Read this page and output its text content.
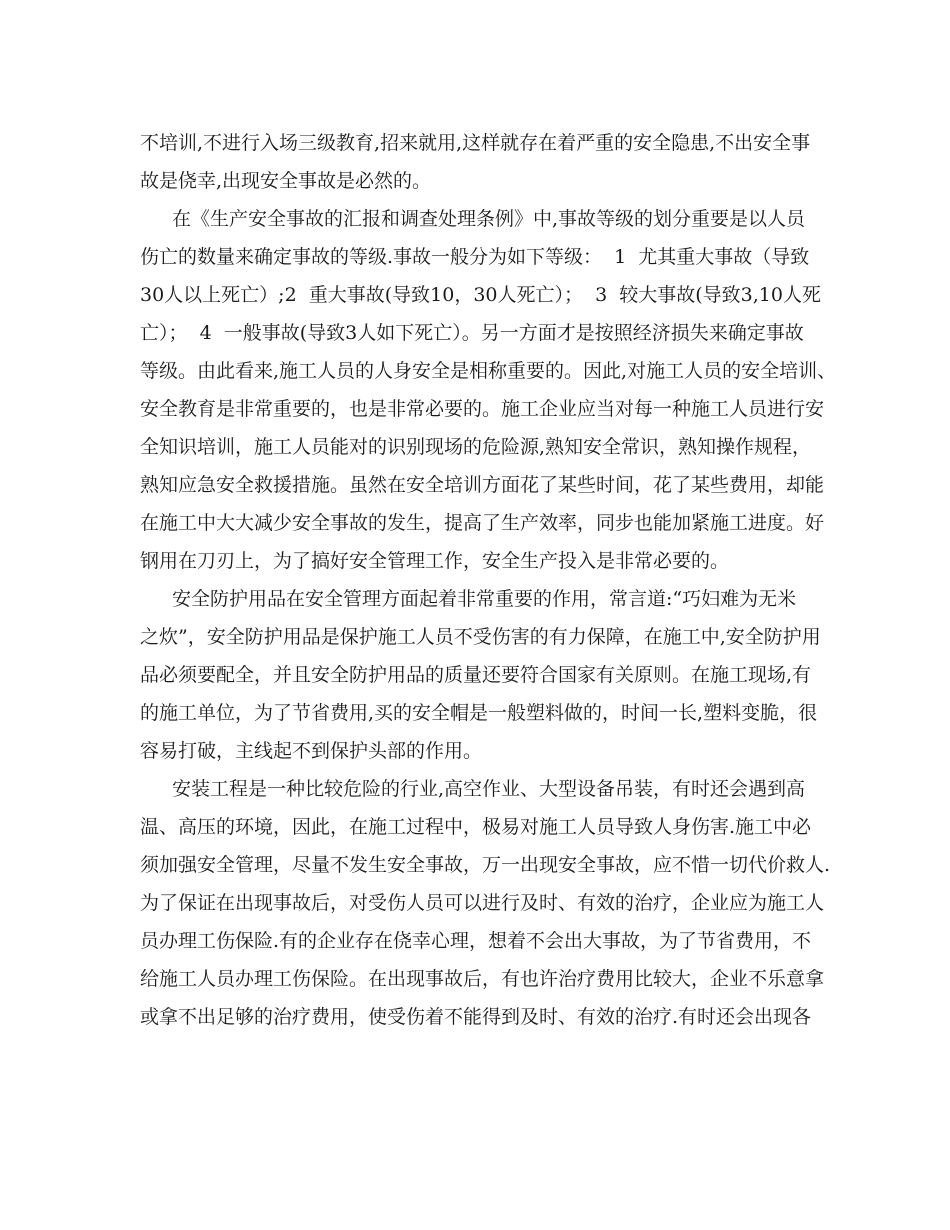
不培训,不进行入场三级教育,招来就用,这样就存在着严重的安全隐患,不出安全事
故是侥幸,出现安全事故是必然的。
在《生产安全事故的汇报和调查处理条例》中,事故等级的划分重要是以人员
伤亡的数量来确定事故的等级.事故一般分为如下等级：  1  尤其重大事故（导致
30人以上死亡）;2  重大事故(导致10，30人死亡）；  3  较大事故(导致3,10人死
亡）；  4  一般事故(导致3人如下死亡）。另一方面才是按照经济损失来确定事故
等级。由此看来,施工人员的人身安全是相称重要的。因此,对施工人员的安全培训、
安全教育是非常重要的，也是非常必要的。施工企业应当对每一种施工人员进行安
全知识培训，施工人员能对的识别现场的危险源,熟知安全常识，熟知操作规程，
熟知应急安全救援措施。虽然在安全培训方面花了某些时间，花了某些费用，却能
在施工中大大减少安全事故的发生，提高了生产效率，同步也能加紧施工进度。好
钢用在刀刃上，为了搞好安全管理工作，安全生产投入是非常必要的。
安全防护用品在安全管理方面起着非常重要的作用，常言道:“巧妇难为无米
之炊”，安全防护用品是保护施工人员不受伤害的有力保障，在施工中,安全防护用
品必须要配全，并且安全防护用品的质量还要符合国家有关原则。在施工现场,有
的施工单位，为了节省费用,买的安全帽是一般塑料做的，时间一长,塑料变脆，很
容易打破，主线起不到保护头部的作用。
安装工程是一种比较危险的行业,高空作业、大型设备吊装，有时还会遇到高
温、高压的环境，因此，在施工过程中，极易对施工人员导致人身伤害.施工中必
须加强安全管理，尽量不发生安全事故，万一出现安全事故，应不惜一切代价救人.
为了保证在出现事故后，对受伤人员可以进行及时、有效的治疗，企业应为施工人
员办理工伤保险.有的企业存在侥幸心理，想着不会出大事故，为了节省费用，不
给施工人员办理工伤保险。在出现事故后，有也许治疗费用比较大，企业不乐意拿
或拿不出足够的治疗费用，使受伤着不能得到及时、有效的治疗.有时还会出现各
